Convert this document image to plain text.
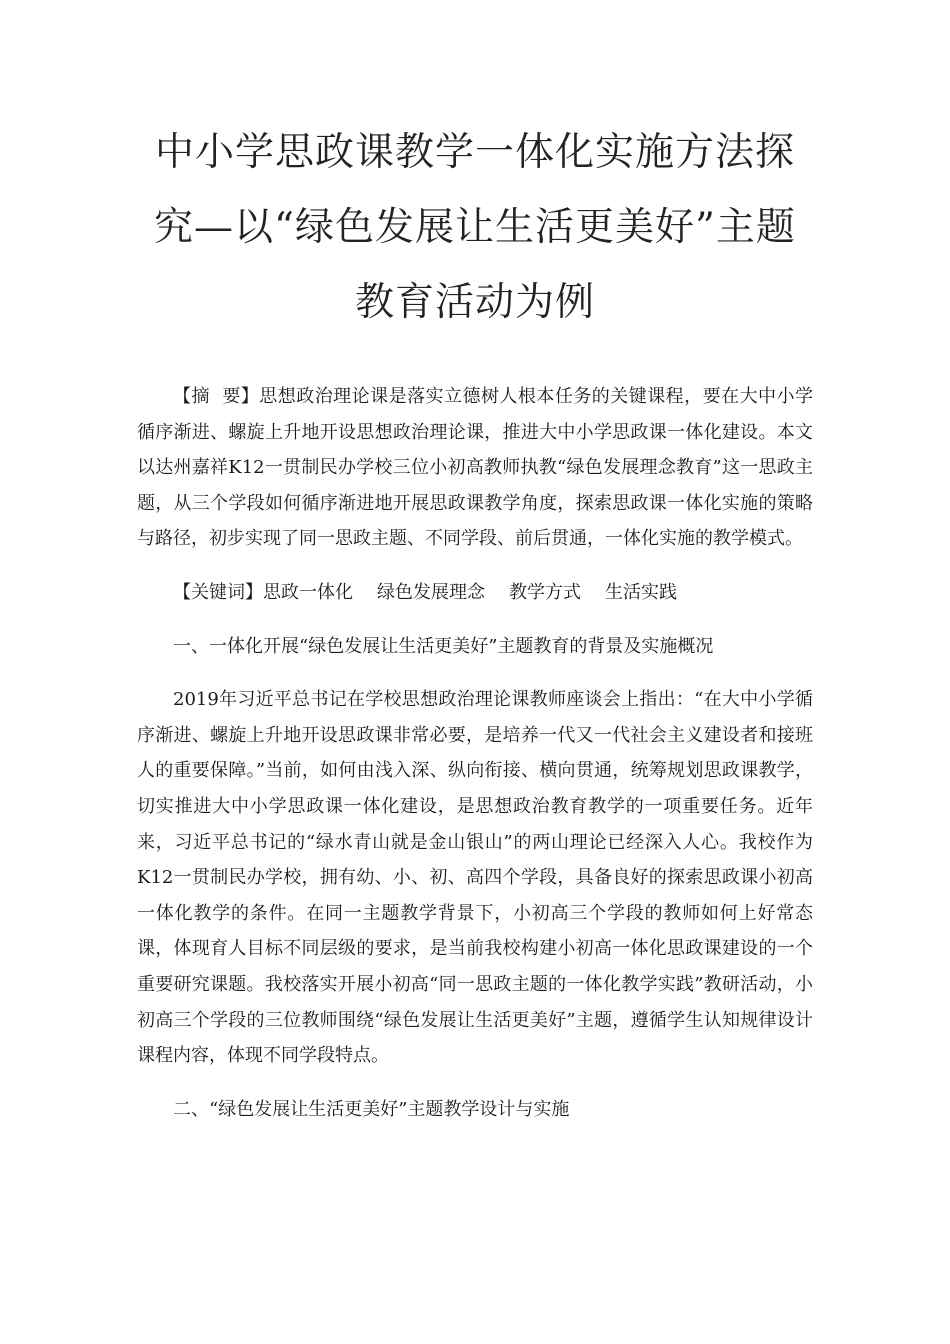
中小学思政课教学一体化实施方法探究—以“绿色发展让生活更美好”主题教育活动为例

【摘  要】思想政治理论课是落实立德树人根本任务的关键课程，要在大中小学循序渐进、螺旋上升地开设思想政治理论课，推进大中小学思政课一体化建设。本文以达州嘉祥K12一贯制民办学校三位小初高教师执教“绿色发展理念教育”这一思政主题，从三个学段如何循序渐进地开展思政课教学角度，探索思政课一体化实施的策略与路径，初步实现了同一思政主题、不同学段、前后贯通，一体化实施的教学模式。

【关键词】思政一体化 绿色发展理念 教学方式 生活实践

一、一体化开展“绿色发展让生活更美好”主题教育的背景及实施概况

2019年习近平总书记在学校思想政治理论课教师座谈会上指出：“在大中小学循序渐进、螺旋上升地开设思政课非常必要，是培养一代又一代社会主义建设者和接班人的重要保障。”当前，如何由浅入深、纵向衔接、横向贯通，统筹规划思政课教学，切实推进大中小学思政课一体化建设，是思想政治教育教学的一项重要任务。近年来，习近平总书记的“绿水青山就是金山银山”的两山理论已经深入人心。我校作为K12一贯制民办学校，拥有幼、小、初、高四个学段，具备良好的探索思政课小初高一体化教学的条件。在同一主题教学背景下，小初高三个学段的教师如何上好常态课，体现育人目标不同层级的要求，是当前我校构建小初高一体化思政课建设的一个重要研究课题。我校落实开展小初高“同一思政主题的一体化教学实践”教研活动，小初高三个学段的三位教师围绕“绿色发展让生活更美好”主题，遵循学生认知规律设计课程内容，体现不同学段特点。

二、“绿色发展让生活更美好”主题教学设计与实施
